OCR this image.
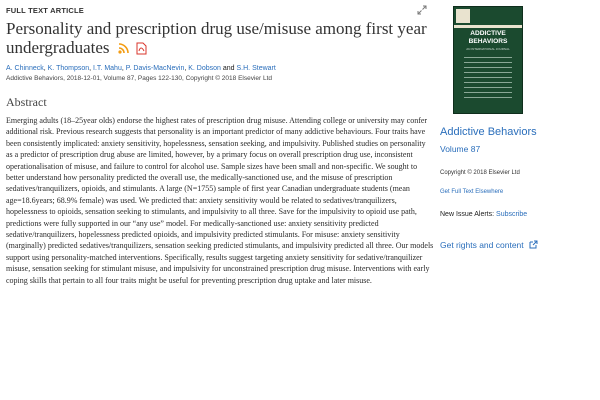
FULL TEXT ARTICLE
Personality and prescription drug use/misuse among first year undergraduates
A. Chinneck, K. Thompson, I.T. Mahu, P. Davis-MacNevin, K. Dobson and S.H. Stewart
Addictive Behaviors, 2018-12-01, Volume 87, Pages 122-130, Copyright © 2018 Elsevier Ltd
Abstract

Emerging adults (18–25year olds) endorse the highest rates of prescription drug misuse. Attending college or university may confer additional risk. Previous research suggests that personality is an important predictor of many addictive behaviours. Four traits have been consistently implicated: anxiety sensitivity, hopelessness, sensation seeking, and impulsivity. Published studies on personality as a predictor of prescription drug abuse are limited, however, by a primary focus on overall prescription drug use, inconsistent operationalisation of misuse, and failure to control for alcohol use. Sample sizes have been small and non-specific. We sought to better understand how personality predicted the overall use, the medically-sanctioned use, and the misuse of prescription sedatives/tranquilizers, opioids, and stimulants. A large (N=1755) sample of first year Canadian undergraduate students (mean age=18.6years; 68.9% female) was used. We predicted that: anxiety sensitivity would be related to sedatives/tranquilizers, hopelessness to opioids, sensation seeking to stimulants, and impulsivity to all three. Save for the impulsivity to opioid use path, predictions were fully supported in our “any use” model. For medically-sanctioned use: anxiety sensitivity predicted sedative/tranquilizers, hopelessness predicted opioids, and impulsivity predicted stimulants. For misuse: anxiety sensitivity (marginally) predicted sedatives/tranquilizers, sensation seeking predicted stimulants, and impulsivity predicted all three. Our models support using personality-matched interventions. Specifically, results suggest targeting anxiety sensitivity for sedative/tranquilizer misuse, sensation seeking for stimulant misuse, and impulsivity for unconstrained prescription drug misuse. Interventions with early coping skills that pertain to all four traits might be useful for preventing prescription drug uptake and later misuse.

ADDICTIVE
BEHAVIORS
AN INTERNATIONAL JOURNAL
Addictive Behaviors
Volume 87
Copyright © 2018 Elsevier Ltd
Get Full Text Elsewhere
New Issue Alerts: Subscribe
Get rights and content
